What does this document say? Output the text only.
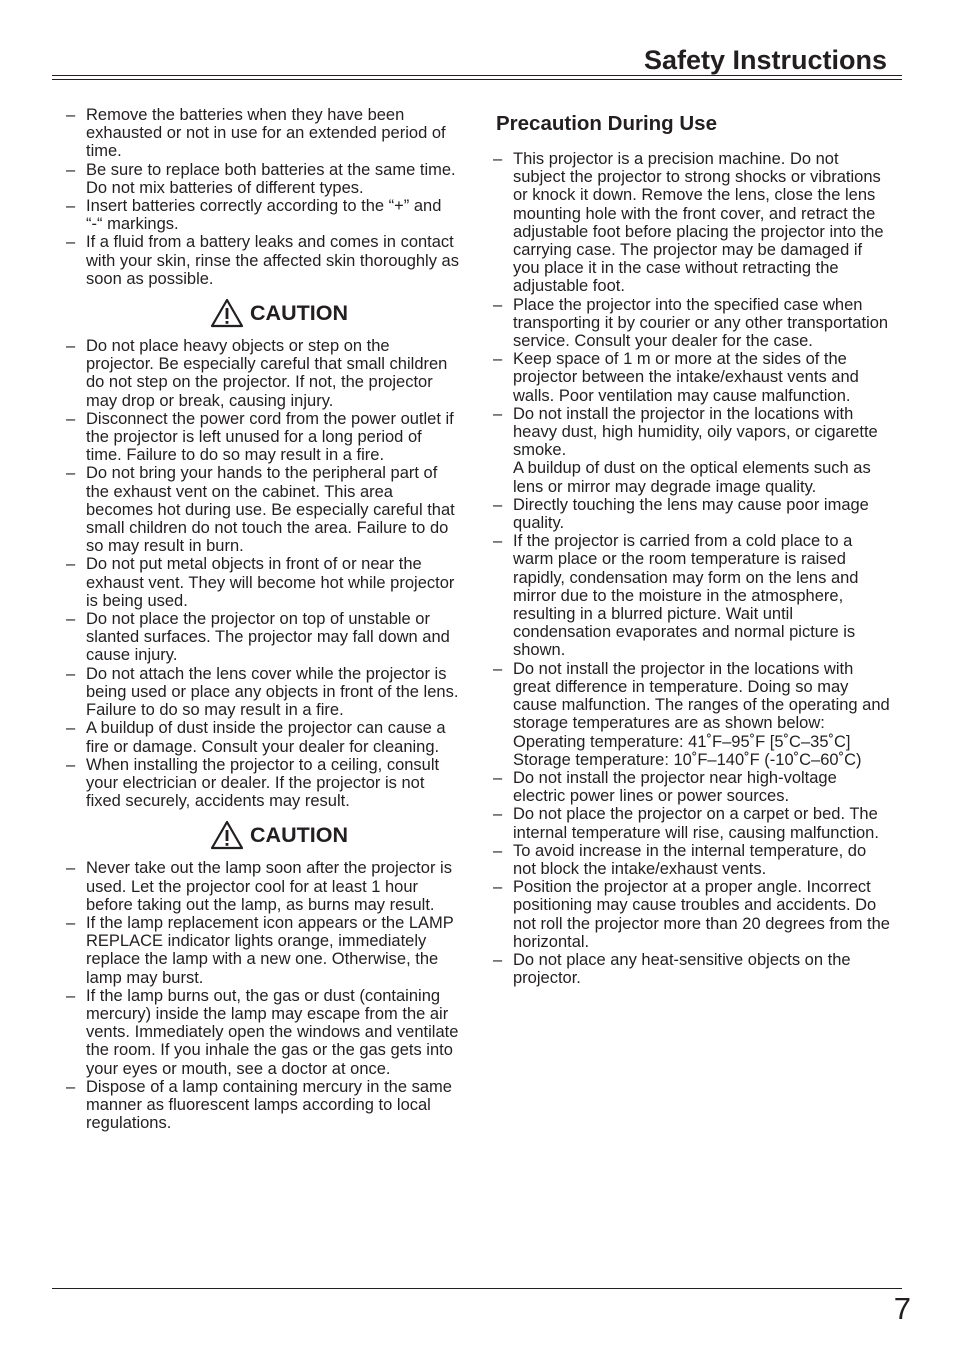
Safety Instructions
– Remove the batteries when they have been exhausted or not in use for an extended period of time.
– Be sure to replace both batteries at the same time. Do not mix batteries of different types.
– Insert batteries correctly according to the “+” and “-“ markings.
– If a fluid from a battery leaks and comes in contact with your skin, rinse the affected skin thoroughly as soon as possible.
CAUTION
– Do not place heavy objects or step on the projector. Be especially careful that small children do not step on the projector. If not, the projector may drop or break, causing injury.
– Disconnect the power cord from the power outlet if the projector is left unused for a long period of time. Failure to do so may result in a fire.
– Do not bring your hands to the peripheral part of the exhaust vent on the cabinet. This area becomes hot during use. Be especially careful that small children do not touch the area. Failure to do so may result in burn.
– Do not put metal objects in front of or near the exhaust vent. They will become hot while projector is being used.
– Do not place the projector on top of unstable or slanted surfaces. The projector may fall down and cause injury.
– Do not attach the lens cover while the projector is being used or place any objects in front of the lens. Failure to do so may result in a fire.
– A buildup of dust inside the projector can cause a fire or damage. Consult your dealer for cleaning.
– When installing the projector to a ceiling, consult your electrician or dealer. If the projector is not fixed securely, accidents may result.
CAUTION
– Never take out the lamp soon after the projector is used. Let the projector cool for at least 1 hour before taking out the lamp, as burns may result.
– If the lamp replacement icon appears or the LAMP REPLACE indicator lights orange, immediately replace the lamp with a new one. Otherwise, the lamp may burst.
– If the lamp burns out, the gas or dust (containing mercury) inside the lamp may escape from the air vents. Immediately open the windows and ventilate the room. If you inhale the gas or the gas gets into your eyes or mouth, see a doctor at once.
– Dispose of a lamp containing mercury in the same manner as fluorescent lamps according to local regulations.
Precaution During Use
– This projector is a precision machine. Do not subject the projector to strong shocks or vibrations or knock it down. Remove the lens, close the lens mounting hole with the front cover, and retract the adjustable foot before placing the projector into the carrying case. The projector may be damaged if you place it in the case without retracting the adjustable foot.
– Place the projector into the specified case when transporting it by courier or any other transportation service. Consult your dealer for the case.
– Keep space of 1 m or more at the sides of the projector between the intake/exhaust vents and walls. Poor ventilation may cause malfunction.
– Do not install the projector in the locations with heavy dust, high humidity, oily vapors, or cigarette smoke.
A buildup of dust on the optical elements such as lens or mirror may degrade image quality.
– Directly touching the lens may cause poor image quality.
– If the projector is carried from a cold place to a warm place or the room temperature is raised rapidly, condensation may form on the lens and mirror due to the moisture in the atmosphere, resulting in a blurred picture. Wait until condensation evaporates and normal picture is shown.
– Do not install the projector in the locations with great difference in temperature. Doing so may cause malfunction. The ranges of the operating and storage temperatures are as shown below:
Operating temperature: 41˚F–95˚F [5˚C–35˚C]
Storage temperature: 10˚F–140˚F (-10˚C–60˚C)
– Do not install the projector near high-voltage electric power lines or power sources.
– Do not place the projector on a carpet or bed. The internal temperature will rise, causing malfunction.
– To avoid increase in the internal temperature, do not block the intake/exhaust vents.
– Position the projector at a proper angle. Incorrect positioning may cause troubles and accidents. Do not roll the projector more than 20 degrees from the horizontal.
– Do not place any heat-sensitive objects on the projector.
7
